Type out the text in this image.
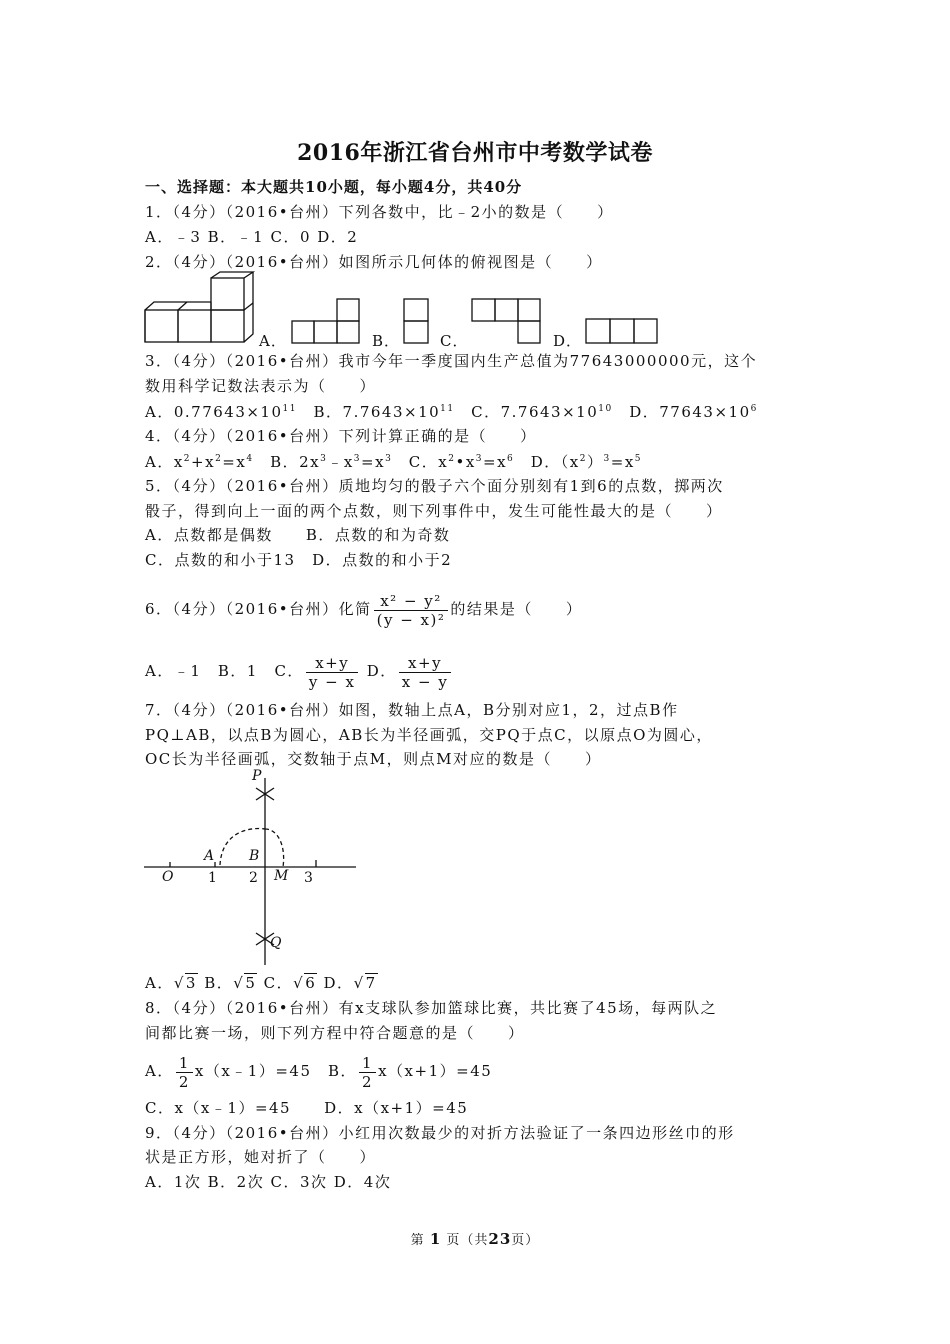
2016年浙江省台州市中考数学试卷
一、选择题：本大题共10小题，每小题4分，共40分
1．（4分）（2016•台州）下列各数中，比﹣2小的数是（　　）
A．﹣3 B．﹣1 C．0 D．2
2．（4分）（2016•台州）如图所示几何体的俯视图是（　　）
A．	B．	C．	D．
3．（4分）（2016•台州）我市今年一季度国内生产总值为77643000000元，这个
数用科学记数法表示为（　　）
A．$0.77643\times 10^{11}$　 B．$7.7643\times 10^{11}$　 C．$7.7643\times 10^{10}$　 D．$77643\times 10^6$
4．（4分）（2016•台州）下列计算正确的是（　　）
A．$x^2+x^2=x^4$　B．$2x^3﹣x^3=x^3$　C．$x^2•x^3=x^6$　D．$(x^2)^3=x^5$
5．（4分）（2016•台州）质地均匀的骰子六个面分别刻有1到6的点数，掷两次
骰子，得到向上一面的两个点数，则下列事件中，发生可能性最大的是（　　）
A．点数都是偶数　　B．点数的和为奇数
C．点数的和小于13　D．点数的和小于2
6．（4分）（2016•台州）化简 $\frac{\text{x² − y²}}{\text{(y − x)²}}$ 的结果是（　　）
A．﹣1　B．1　C． $\frac{x+y}{y - x}$ D． $\frac{x+y}{x - y}$
7．（4分）（2016•台州）如图，数轴上点A，B分别对应1，2，过点B作
PQ⊥AB，以点B为圆心，AB长为半径画弧，交PQ于点C，以原点O为圆心，
OC长为半径画弧，交数轴于点M，则点M对应的数是（　　）
P
Q
O
A B
M
1 2	3
A．√3 B．√5 C．√6 D．√7
8．（4分）（2016•台州）有x支球队参加篮球比赛，共比赛了45场，每两队之
间都比赛一场，则下列方程中符合题意的是（　　）
A． $\frac{1}{2}$ x（x﹣1）=45　B． $\frac{1}{2} x(x+1)=45$
C．x（x﹣1）=45　　D．x（x+1）=45
9．（4分）（2016•台州）小红用次数最少的对折方法验证了一条四边形丝巾的形
状是正方形，她对折了（　　）
A．1次 B．2次 C．3次 D．4次
第 1 页（共23页）
